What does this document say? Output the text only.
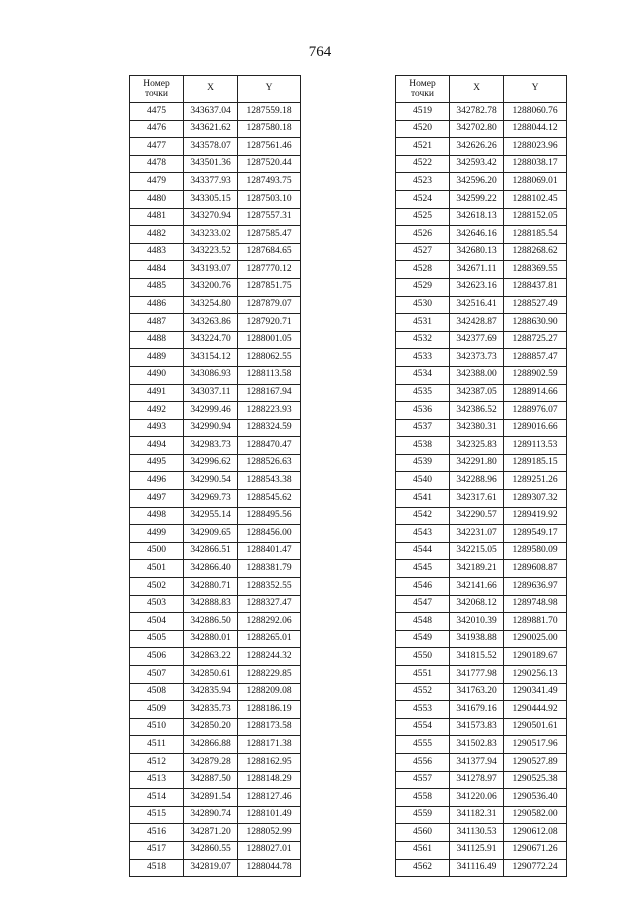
764
Номер
точки	X	Y
4475	343637.04	1287559.18
4476	343621.62	1287580.18
4477	343578.07	1287561.46
4478	343501.36	1287520.44
4479	343377.93	1287493.75
4480	343305.15	1287503.10
4481	343270.94	1287557.31
4482	343233.02	1287585.47
4483	343223.52	1287684.65
4484	343193.07	1287770.12
4485	343200.76	1287851.75
4486	343254.80	1287879.07
4487	343263.86	1287920.71
4488	343224.70	1288001.05
4489	343154.12	1288062.55
4490	343086.93	1288113.58
4491	343037.11	1288167.94
4492	342999.46	1288223.93
4493	342990.94	1288324.59
4494	342983.73	1288470.47
4495	342996.62	1288526.63
4496	342990.54	1288543.38
4497	342969.73	1288545.62
4498	342955.14	1288495.56
4499	342909.65	1288456.00
4500	342866.51	1288401.47
4501	342866.40	1288381.79
4502	342880.71	1288352.55
4503	342888.83	1288327.47
4504	342886.50	1288292.06
4505	342880.01	1288265.01
4506	342863.22	1288244.32
4507	342850.61	1288229.85
4508	342835.94	1288209.08
4509	342835.73	1288186.19
4510	342850.20	1288173.58
4511	342866.88	1288171.38
4512	342879.28	1288162.95
4513	342887.50	1288148.29
4514	342891.54	1288127.46
4515	342890.74	1288101.49
4516	342871.20	1288052.99
4517	342860.55	1288027.01
4518	342819.07	1288044.78
Номер
точки	X	Y
4519	342782.78	1288060.76
4520	342702.80	1288044.12
4521	342626.26	1288023.96
4522	342593.42	1288038.17
4523	342596.20	1288069.01
4524	342599.22	1288102.45
4525	342618.13	1288152.05
4526	342646.16	1288185.54
4527	342680.13	1288268.62
4528	342671.11	1288369.55
4529	342623.16	1288437.81
4530	342516.41	1288527.49
4531	342428.87	1288630.90
4532	342377.69	1288725.27
4533	342373.73	1288857.47
4534	342388.00	1288902.59
4535	342387.05	1288914.66
4536	342386.52	1288976.07
4537	342380.31	1289016.66
4538	342325.83	1289113.53
4539	342291.80	1289185.15
4540	342288.96	1289251.26
4541	342317.61	1289307.32
4542	342290.57	1289419.92
4543	342231.07	1289549.17
4544	342215.05	1289580.09
4545	342189.21	1289608.87
4546	342141.66	1289636.97
4547	342068.12	1289748.98
4548	342010.39	1289881.70
4549	341938.88	1290025.00
4550	341815.52	1290189.67
4551	341777.98	1290256.13
4552	341763.20	1290341.49
4553	341679.16	1290444.92
4554	341573.83	1290501.61
4555	341502.83	1290517.96
4556	341377.94	1290527.89
4557	341278.97	1290525.38
4558	341220.06	1290536.40
4559	341182.31	1290582.00
4560	341130.53	1290612.08
4561	341125.91	1290671.26
4562	341116.49	1290772.24
